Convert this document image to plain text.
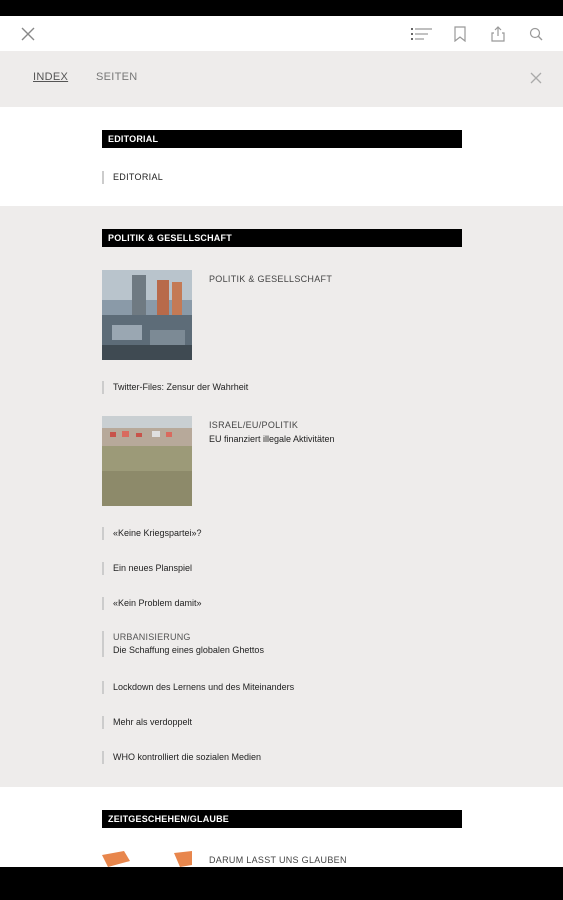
INDEX	SEITEN
EDITORIAL
EDITORIAL
POLITIK & GESELLSCHAFT
POLITIK & GESELLSCHAFT
Twitter-Files: Zensur der Wahrheit
ISRAEL/EU/POLITIK
EU finanziert illegale Aktivitäten
«Keine Kriegspartei»?
Ein neues Planspiel
«Kein Problem damit»
URBANISIERUNG
Die Schaffung eines globalen Ghettos
Lockdown des Lernens und des Miteinanders
Mehr als verdoppelt
WHO kontrolliert die sozialen Medien
ZEITGESCHEHEN/GLAUBE
DARUM LASST UNS GLAUBEN
